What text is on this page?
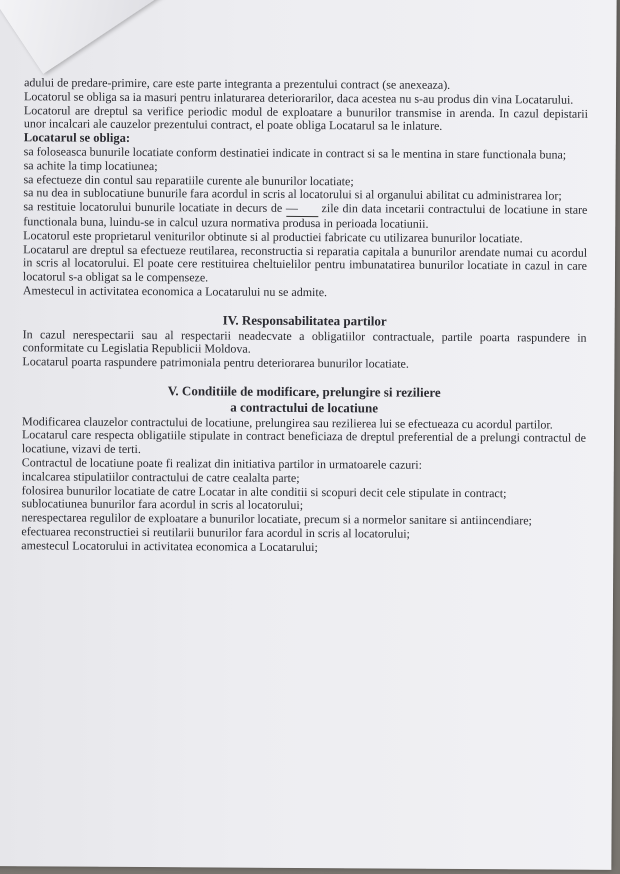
adului de predare-primire, care este parte integranta a prezentului contract (se anexeaza).

Locatorul se obliga sa ia masuri pentru inlaturarea deteriorarilor, daca acestea nu s-au produs din vina Locatarului.

Locatorul are dreptul sa verifice periodic modul de exploatare a bunurilor transmise in arenda. In cazul depistarii unor incalcari ale cauzelor prezentului contract, el poate obliga Locatarul sa le inlature.

Locatarul se obliga:

sa foloseasca bunurile locatiate conform destinatiei indicate in contract si sa le mentina in stare functionala buna;

sa achite la timp locatiunea;

sa efectueze din contul sau reparatiile curente ale bunurilor locatiate;

sa nu dea in sublocatiune bunurile fara acordul in scris al locatorului si al organului abilitat cu administrarea lor;

sa restituie locatorului bunurile locatiate in decurs de — zile din data incetarii contractului de locatiune in stare functionala buna, luindu-se in calcul uzura normativa produsa in perioada locatiunii.

Locatorul este proprietarul veniturilor obtinute si al productiei fabricate cu utilizarea bunurilor locatiate.

Locatarul are dreptul sa efectueze reutilarea, reconstructia si reparatia capitala a bunurilor arendate numai cu acordul in scris al locatorului. El poate cere restituirea cheltuielilor pentru imbunatatirea bunurilor locatiate in cazul in care locatorul s-a obligat sa le compenseze.

Amestecul in activitatea economica a Locatarului nu se admite.

IV. Responsabilitatea partilor

In cazul nerespectarii sau al respectarii neadecvate a obligatiilor contractuale, partile poarta raspundere in conformitate cu Legislatia Republicii Moldova.

Locatarul poarta raspundere patrimoniala pentru deteriorarea bunurilor locatiate.

V. Conditiile de modificare, prelungire si reziliere
a contractului de locatiune

Modificarea clauzelor contractului de locatiune, prelungirea sau rezilierea lui se efectueaza cu acordul partilor.

Locatarul care respecta obligatiile stipulate in contract beneficiaza de dreptul preferential de a prelungi contractul de locatiune, vizavi de terti.

Contractul de locatiune poate fi realizat din initiativa partilor in urmatoarele cazuri:

incalcarea stipulatiilor contractului de catre cealalta parte;

folosirea bunurilor locatiate de catre Locatar in alte conditii si scopuri decit cele stipulate in contract;

sublocatiunea bunurilor fara acordul in scris al locatorului;

nerespectarea regulilor de exploatare a bunurilor locatiate, precum si a normelor sanitare si antiincendiare;

efectuarea reconstructiei si reutilarii bunurilor fara acordul in scris al locatorului;

amestecul Locatorului in activitatea economica a Locatarului;
